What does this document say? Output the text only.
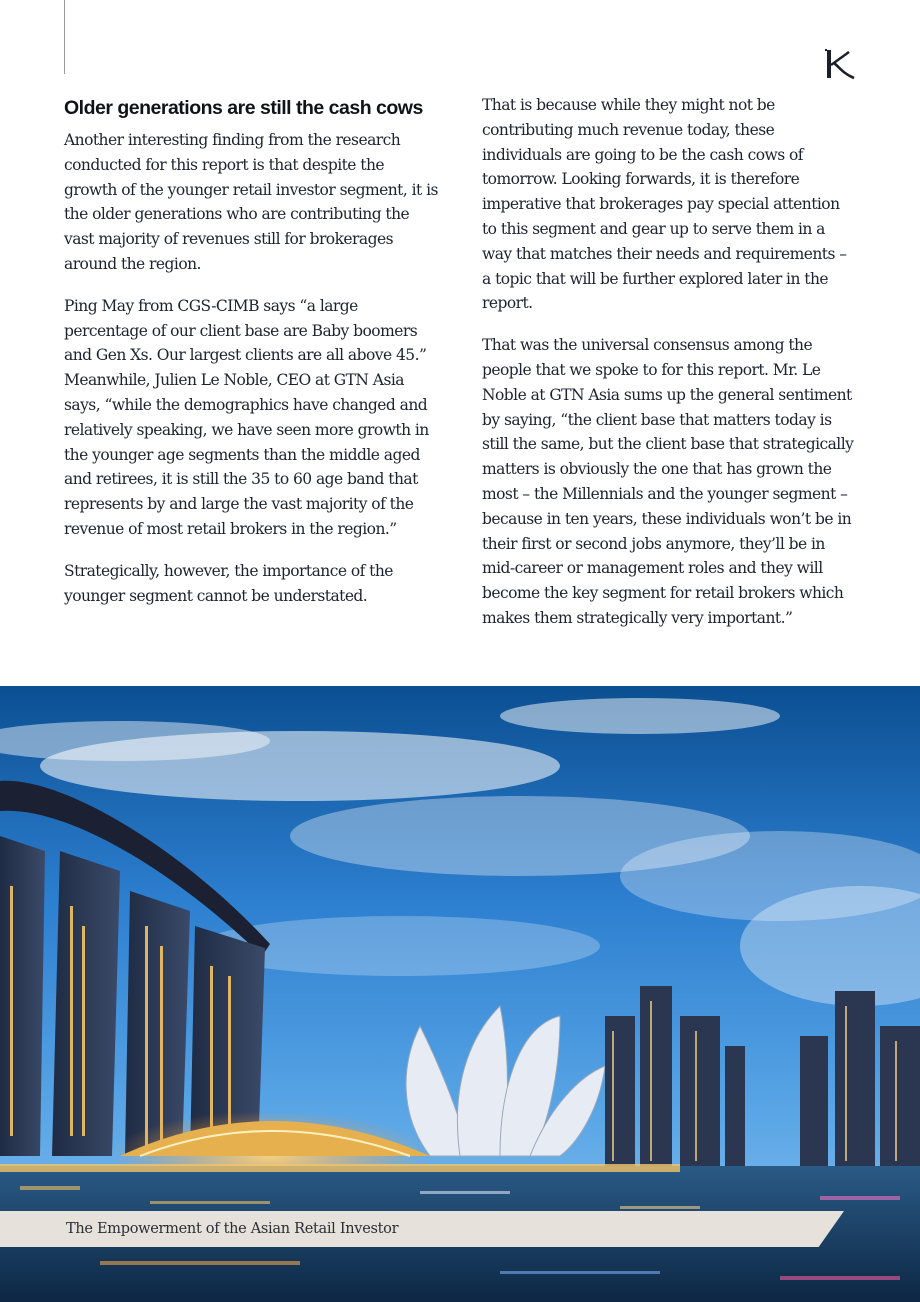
Older generations are still the cash cows

Another interesting finding from the research conducted for this report is that despite the growth of the younger retail investor segment, it is the older generations who are contributing the vast majority of revenues still for brokerages around the region.

Ping May from CGS-CIMB says “a large percentage of our client base are Baby boomers and Gen Xs. Our largest clients are all above 45.” Meanwhile, Julien Le Noble, CEO at GTN Asia says, “while the demographics have changed and relatively speaking, we have seen more growth in the younger age segments than the middle aged and retirees, it is still the 35 to 60 age band that represents by and large the vast majority of the revenue of most retail brokers in the region.”

Strategically, however, the importance of the younger segment cannot be understated.

That is because while they might not be contributing much revenue today, these individuals are going to be the cash cows of tomorrow. Looking forwards, it is therefore imperative that brokerages pay special attention to this segment and gear up to serve them in a way that matches their needs and requirements – a topic that will be further explored later in the report.

That was the universal consensus among the people that we spoke to for this report. Mr. Le Noble at GTN Asia sums up the general sentiment by saying, “the client base that matters today is still the same, but the client base that strategically matters is obviously the one that has grown the most – the Millennials and the younger segment – because in ten years, these individuals won’t be in their first or second jobs anymore, they’ll be in mid-career or management roles and they will become the key segment for retail brokers which makes them strategically very important.”

The Empowerment of the Asian Retail Investor
